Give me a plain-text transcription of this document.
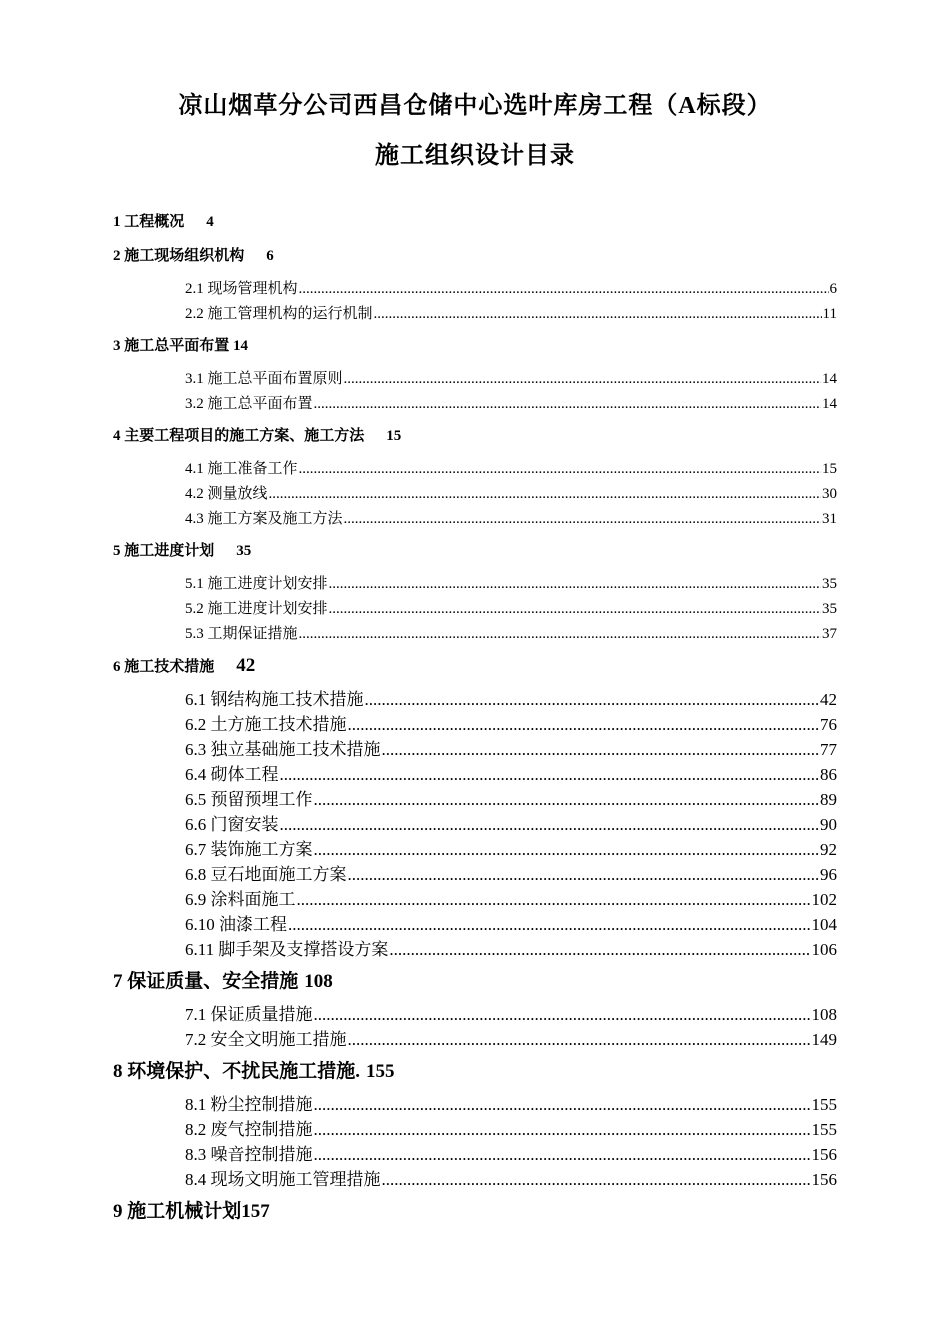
凉山烟草分公司西昌仓储中心选叶库房工程（A标段）
施工组织设计目录
1 工程概况 4
2 施工现场组织机构 6
2.1 现场管理机构 .....	6
2.2 施工管理机构的运行机制 .....	11
3 施工总平面布置 14
3.1 施工总平面布置原则 .....	14
3.2 施工总平面布置 .....	14
4 主要工程项目的施工方案、施工方法 15
4.1 施工准备工作 .....	15
4.2 测量放线 .....	30
4.3 施工方案及施工方法 .....	31
5 施工进度计划 35
5.1 施工进度计划安排 .....	35
5.2 施工进度计划安排 .....	35
5.3 工期保证措施 .....	37
6 施工技术措施 42
6.1 钢结构施工技术措施 .....	42
6.2 土方施工技术措施 .....	76
6.3 独立基础施工技术措施 .....	77
6.4 砌体工程 .....	86
6.5 预留预埋工作 .....	89
6.6 门窗安装 .....	90
6.7 装饰施工方案 .....	92
6.8 豆石地面施工方案 .....	96
6.9 涂料面施工 .....	102
6.10 油漆工程 .....	104
6.11 脚手架及支撑搭设方案 .....	106
7 保证质量、安全措施 108
7.1 保证质量措施 .....	108
7.2 安全文明施工措施 .....	149
8 环境保护、不扰民施工措施. 155
8.1 粉尘控制措施 .....	155
8.2 废气控制措施 .....	155
8.3 噪音控制措施 .....	156
8.4 现场文明施工管理措施 .....	156
9 施工机械计划157
